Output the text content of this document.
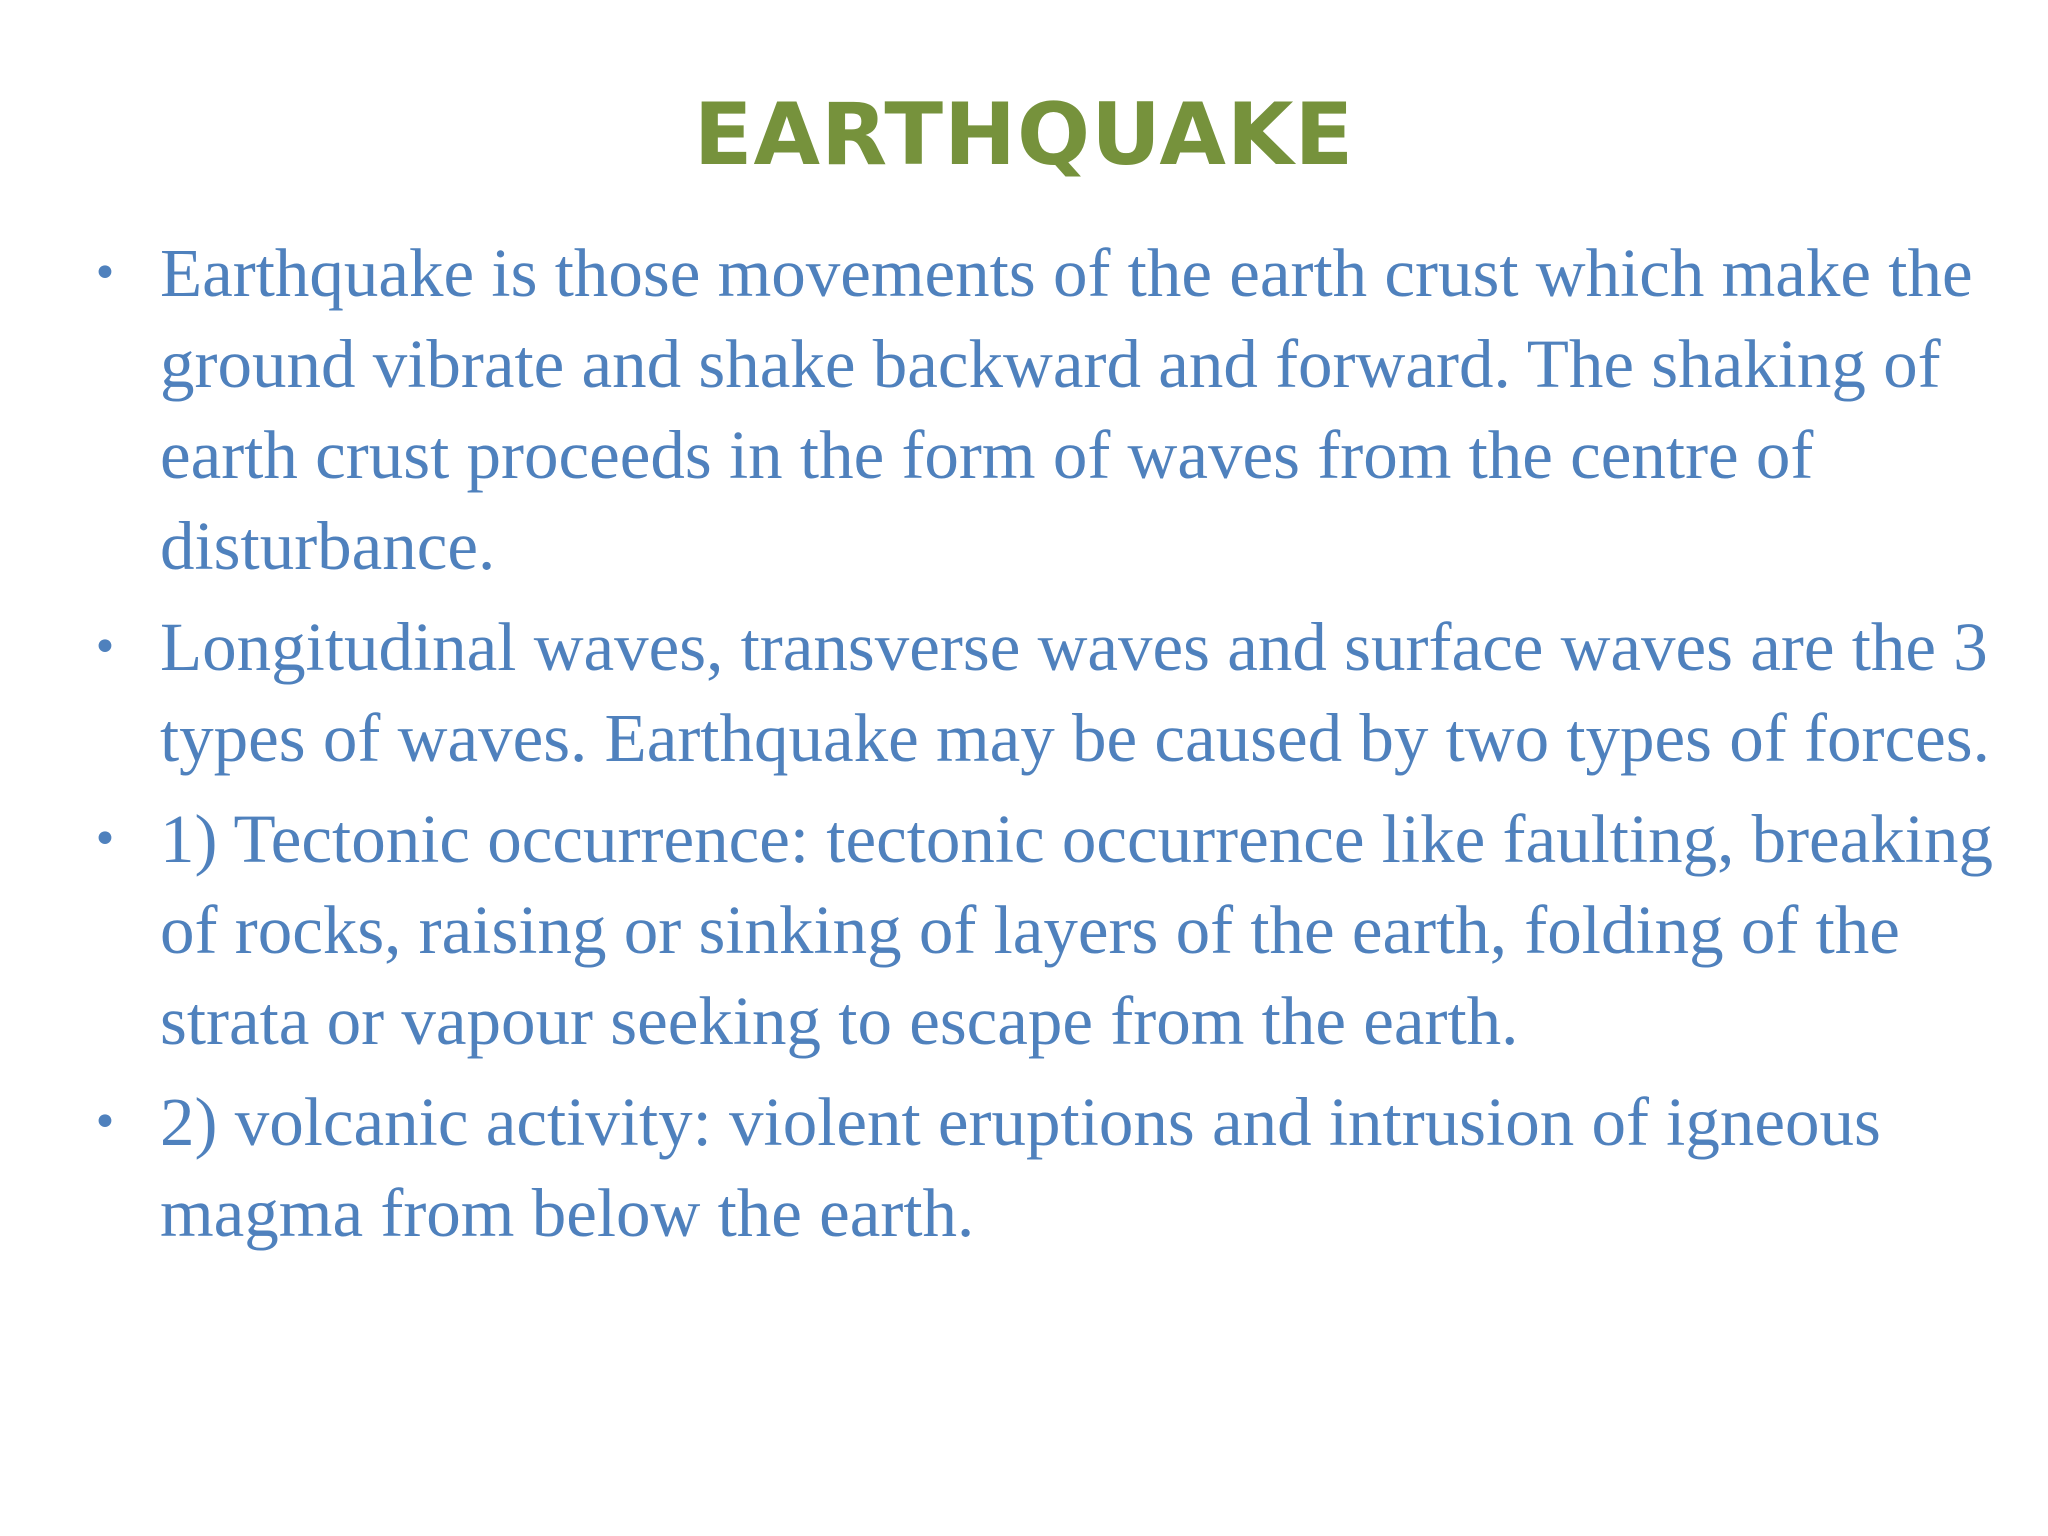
EARTHQUAKE
• Earthquake is those movements of the earth crust which make the ground vibrate and shake backward and forward. The shaking of earth crust proceeds in the form of waves from the centre of disturbance.
• Longitudinal waves, transverse waves and surface waves are the 3 types of waves. Earthquake may be caused by two types of forces.
• 1) Tectonic occurrence: tectonic occurrence like faulting, breaking of rocks, raising or sinking of layers of the earth, folding of the strata or vapour seeking to escape from the earth.
• 2) volcanic activity: violent eruptions and intrusion of igneous magma from below the earth.
